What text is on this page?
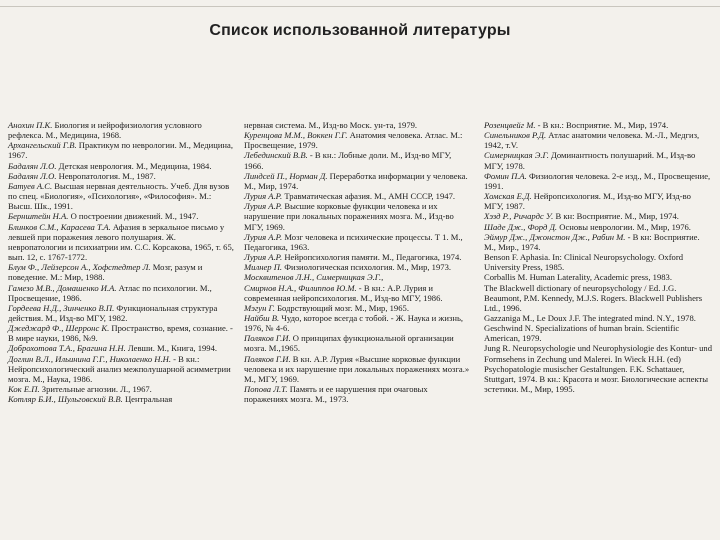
Список использованной литературы

Анохин П.К. Биология и нейрофизиология условного рефлекса. М., Медицина, 1968.

Архангельский Г.В. Практикум по неврологии. М., Медицина, 1967.

Бадалян Л.О. Детская неврология. М., Медицина, 1984.

Бадалян Л.О. Невропатология. М., 1987.

Батуев А.С. Высшая нервная деятельность. Учеб. Для вузов по спец. «Биология», «Психология», «Философия». М.: Высш. Шк., 1991.

Бернштейн Н.А. О построении движений. М., 1947.

Блинков С.М., Карасева Т.А. Афазия в зеркальное письмо у левшей при поражения левого полушария. Ж. невропатологии и психиатрии им. С.С. Корсакова, 1965, т. 65, вып. 12, с. 1767-1772.

Блум Ф., Лейзерсон А., Хофстедтер Л. Мозг, разум и поведение. М.: Мир, 1988.

Гамезо М.В., Домашенко И.А. Атлас по психологии. М., Просвещение, 1986.

Гордеева Н.Д., Зинченко В.П. Функциональная структура действия. М., Изд-во МГУ, 1982.

Джеджард Ф., Шерронс К. Пространство, время, сознание. - В мире науки, 1986, №9.

Доброхотова Т.А., Брагина Н.Н. Левши. М., Книга, 1994.

Доглин В.Л., Ильинина Г.Г., Николаенко Н.Н. - В кн.: Нейропсихологический анализ межполушарной асимметрии мозга. М., Наука, 1986.

Кок Е.П. Зрительные агнозии. Л., 1967.

Котляр Б.И., Шульговский В.В. Центральная

нервная система. М., Изд-во Моск. ун-та, 1979.

Куренцова М.М., Воккен Г.Г. Анатомия человека. Атлас. М.: Просвещение, 1979.

Лебединский В.В. - В кн.: Лобные доли. М., Изд-во МГУ, 1966.

Линдсей П., Норман Д. Переработка информации у человека. М., Мир, 1974.

Лурия А.Р. Травматическая афазия. М., АМН СССР, 1947.

Лурия А.Р. Высшие корковые функции человека и их нарушение при локальных поражениях мозга. М., Изд-во МГУ, 1969.

Лурия А.Р. Мозг человека и психические процессы. Т 1. М., Педагогика, 1963.

Лурия А.Р. Нейропсихология памяти. М., Педагогика, 1974.

Милнер П. Физиологическая психология. М., Мир, 1973.

Москвитенов Л.Н., Симерницкая Э.Г.,

Смирнов Н.А., Филиппов Ю.М. - В кн.: А.Р. Лурия и современная нейропсихология. М., Изд-во МГУ, 1986.

Мэгун Г. Бодрствующий мозг. М., Мир, 1965.

Найбш В. Чудо, которое всегда с тобой. - Ж. Наука и жизнь, 1976, № 4-6.

Поляков Г.И. О принципах функциональной организации мозга. М.,1965.

Поляков Г.И. В кн. А.Р. Лурия «Высшие корковые функции человека и их нарушение при локальных поражениях мозга.» М., МГУ, 1969.

Попова Л.Т. Память и ее нарушения при очаговых поражениях мозга. М., 1973.

Розенцвейг М. - В кн.: Восприятие. М., Мир, 1974.

Синельников Р.Д. Атлас анатомии человека. М.-Л., Медгиз, 1942, т.V.

Симерницкая Э.Г. Доминантность полушарий. М., Изд-во МГУ, 1978.

Фомин П.А. Физиология человека. 2-е изд., М., Просвещение, 1991.

Хомская Е.Д. Нейропсихология. М., Изд-во МГУ, Изд-во МГУ, 1987.

Хэзд Р., Ричардс У. В кн: Восприятие. М., Мир, 1974.

Шаде Дж., Форд Д. Основы неврологии. М., Мир, 1976.

Эймур Дж., Джонстон Дж., Рабин М. - В кн: Восприятие. М., Мир., 1974.

Benson F. Aphasia. In: Clinical Neuropsychology. Oxford University Press, 1985.

Corballis M. Human Laterality, Academic press, 1983.

The Blackwell dictionary of neuropsychology / Ed. J.G. Beaumont, P.M. Kennedy, M.J.S. Rogers. Blackwell Publishers Ltd., 1996.

Gazzaniga M., Le Doux J.F. The integrated mind. N.Y., 1978.

Geschwind N. Specializations of human brain. Scientific American, 1979.

Jung R. Neuropsychologie und Neurophysiologie des Kontur- und Formsehens in Zechung und Malerei. In Wieck H.H. (ed) Psychopatologie musischer Gestaltungen. F.K. Schattauer, Stuttgart, 1974. В кн.: Красота и мозг. Биологические аспекты эстетики. М., Мир, 1995.
